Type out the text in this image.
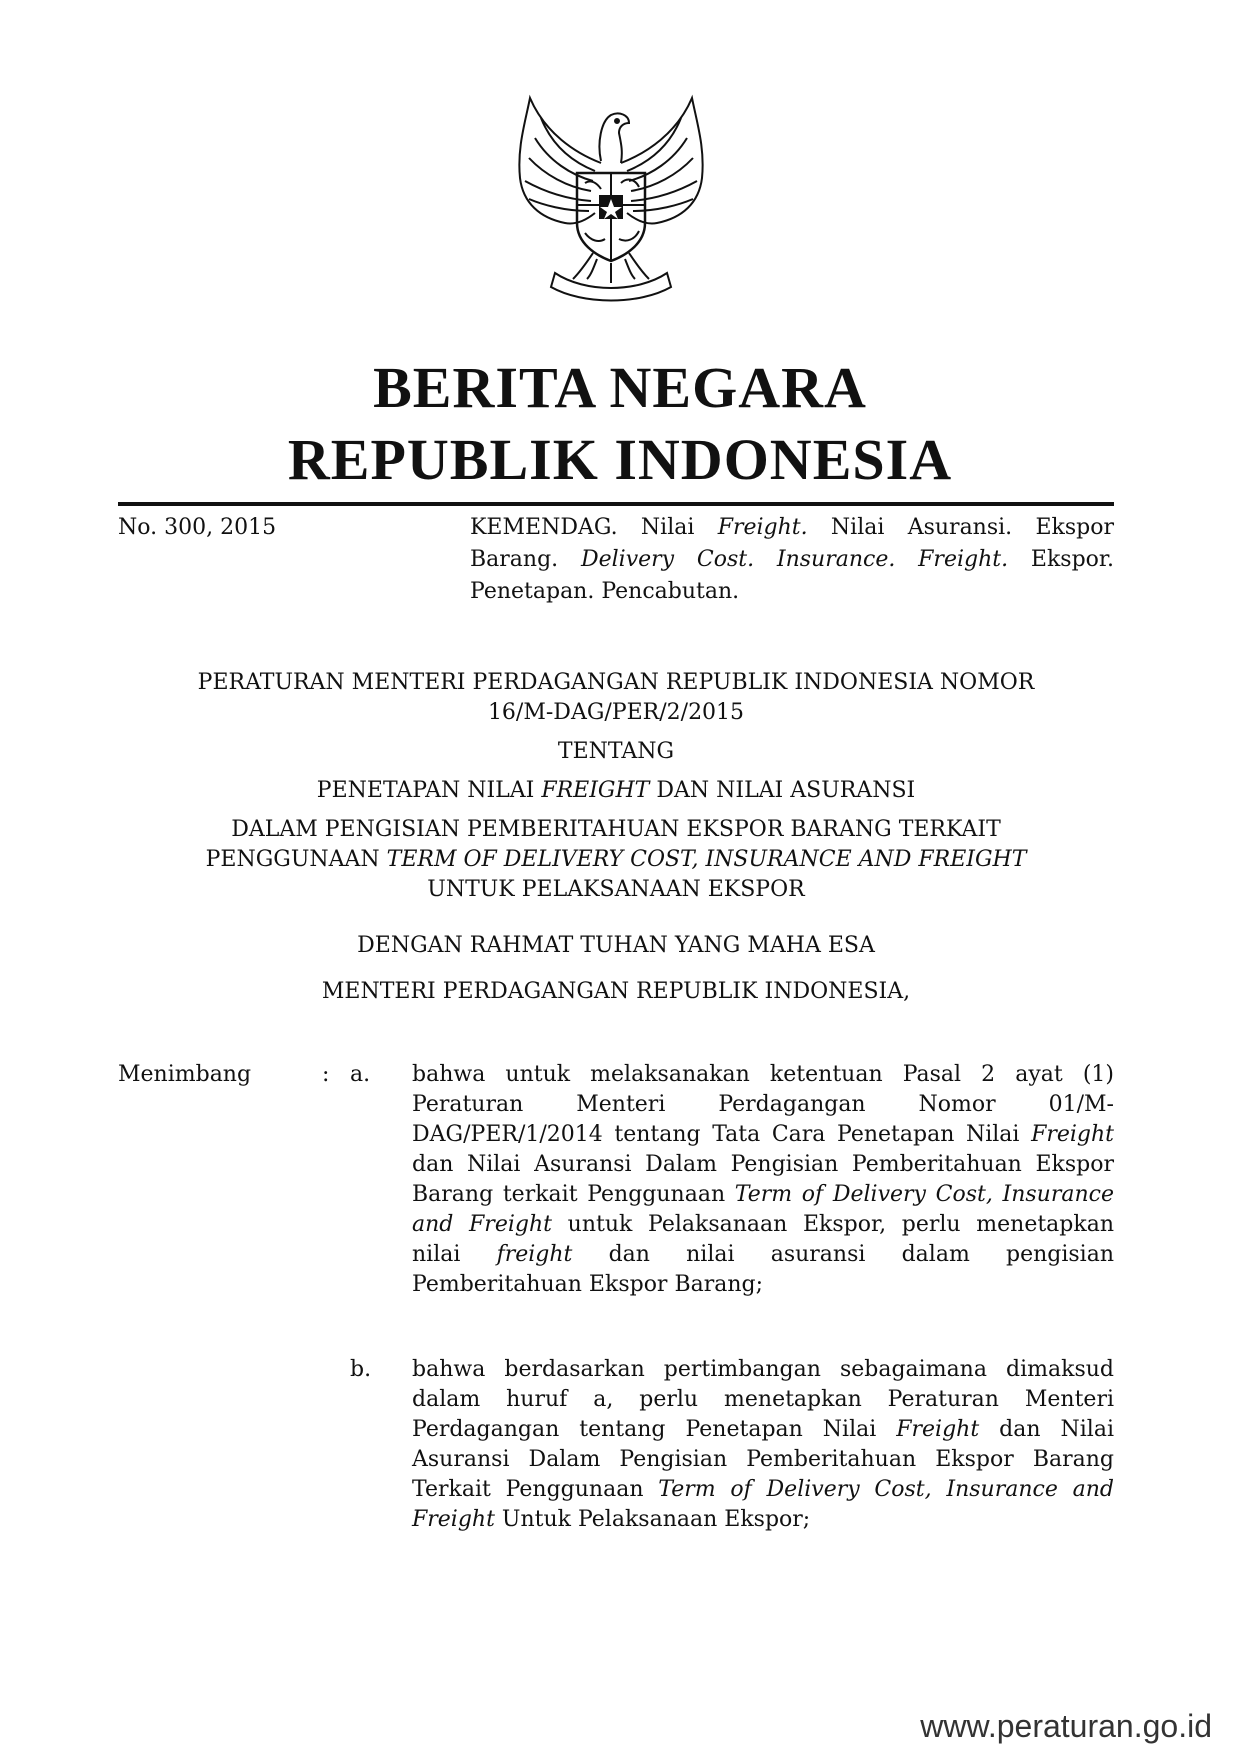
BERITA NEGARA
REPUBLIK INDONESIA
No. 300, 2015	KEMENDAG. Nilai Freight. Nilai Asuransi. Ekspor Barang. Delivery Cost. Insurance. Freight. Ekspor. Penetapan. Pencabutan.
PERATURAN MENTERI PERDAGANGAN REPUBLIK INDONESIA NOMOR
16/M-DAG/PER/2/2015
TENTANG
PENETAPAN NILAI FREIGHT DAN NILAI ASURANSI
DALAM PENGISIAN PEMBERITAHUAN EKSPOR BARANG TERKAIT
PENGGUNAAN TERM OF DELIVERY COST, INSURANCE AND FREIGHT
UNTUK PELAKSANAAN EKSPOR
DENGAN RAHMAT TUHAN YANG MAHA ESA
MENTERI PERDAGANGAN REPUBLIK INDONESIA,
Menimbang	: a. bahwa untuk melaksanakan ketentuan Pasal 2 ayat (1) Peraturan Menteri Perdagangan Nomor 01/M-DAG/PER/1/2014 tentang Tata Cara Penetapan Nilai Freight dan Nilai Asuransi Dalam Pengisian Pemberitahuan Ekspor Barang terkait Penggunaan Term of Delivery Cost, Insurance and Freight untuk Pelaksanaan Ekspor, perlu menetapkan nilai freight dan nilai asuransi dalam pengisian Pemberitahuan Ekspor Barang;
b. bahwa berdasarkan pertimbangan sebagaimana dimaksud dalam huruf a, perlu menetapkan Peraturan Menteri Perdagangan tentang Penetapan Nilai Freight dan Nilai Asuransi Dalam Pengisian Pemberitahuan Ekspor Barang Terkait Penggunaan Term of Delivery Cost, Insurance and Freight Untuk Pelaksanaan Ekspor;
www.peraturan.go.id
